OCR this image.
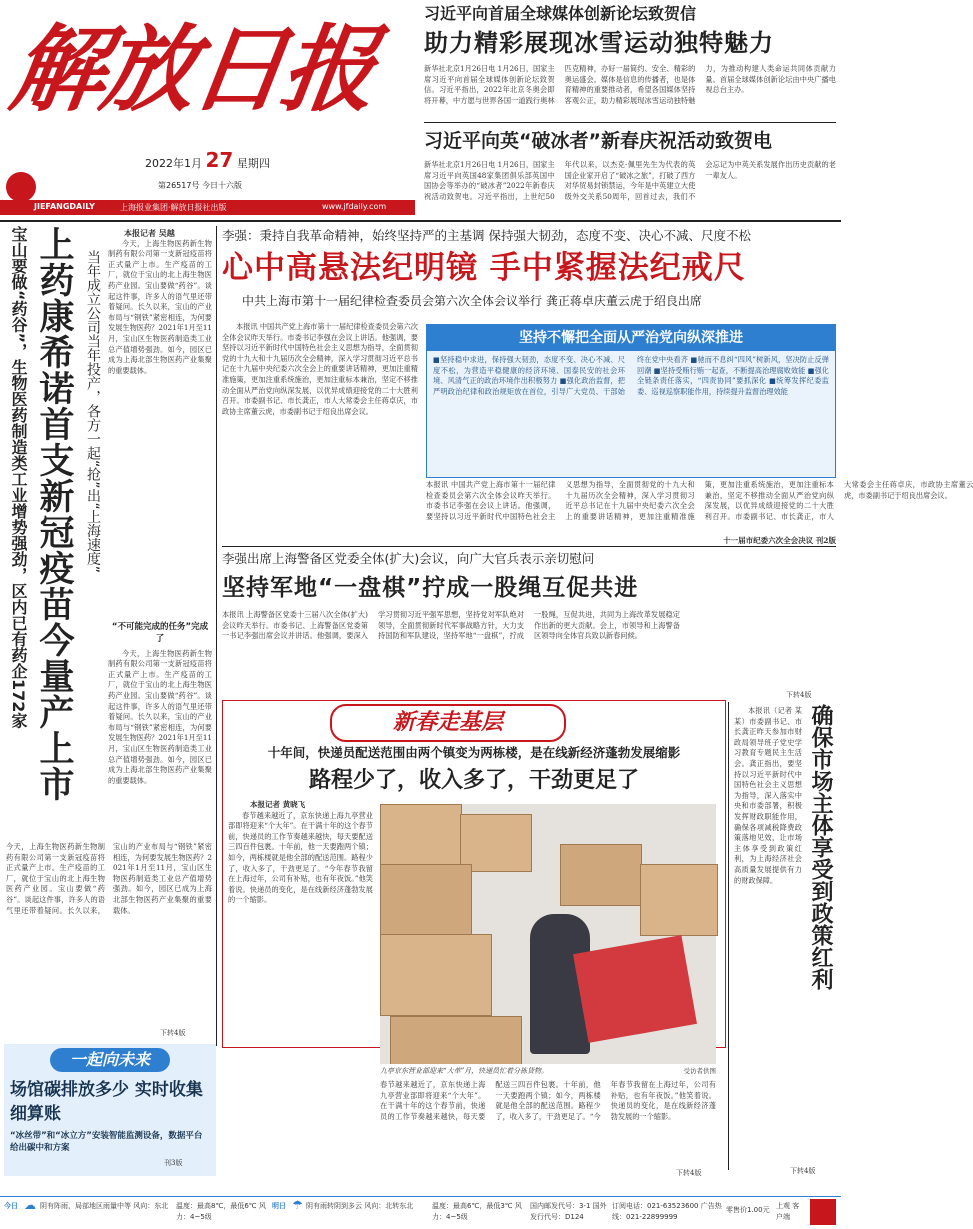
解放日报
2022年1月 27 星期四
第26517号 今日十六版
JIEFANGDAILY	上海报业集团·解放日报社出版	www.jfdaily.com
习近平向首届全球媒体创新论坛致贺信
助力精彩展现冰雪运动独特魅力
新华社北京1月26日电 1月26日，国家主席习近平向首届全球媒体创新论坛致贺信。习近平指出，2022年北京冬奥会即将开幕，中方愿与世界各国一道践行奥林匹克精神，办好一届简约、安全、精彩的奥运盛会。媒体是信息的传播者，也是体育精神的重要推动者，希望各国媒体坚持客观公正，助力精彩展现冰雪运动独特魅力，为推动构建人类命运共同体贡献力量。首届全球媒体创新论坛由中央广播电视总台主办。
习近平向英“破冰者”新春庆祝活动致贺电
新华社北京1月26日电 1月26日，国家主席习近平向英国48家集团俱乐部英国中国协会等举办的“破冰者”2022年新春庆祝活动致贺电。习近平指出，上世纪50年代以来，以杰克·佩里先生为代表的英国企业家开启了“破冰之旅”，打破了西方对华贸易封锁禁运，今年是中英建立大使级外交关系50周年，回首过去，我们不会忘记为中英关系发展作出历史贡献的老一辈友人。
宝山要做“药谷”，生物医药制造类工业增势强劲，区内已有药企172家 上药康希诺首支新冠疫苗今量产上市 当年成立公司当年投产，各方一起“抢”出“上海速度”
本报记者 吴越
今天，上海生物医药新生物制药有限公司第一支新冠疫苗将正式量产上市。生产疫苗的工厂，就位于宝山的北上海生物医药产业园。宝山要做“药谷”。谈起这件事，许多人的语气里还带着疑问。长久以来，宝山的产业布局与“钢铁”紧密相连，为何要发展生物医药？2021年1月至11月，宝山区生物医药制造类工业总产值增势强劲。如今，园区已成为上海北部生物医药产业集聚的重要载体。
“不可能完成的任务”完成了
今天，上海生物医药新生物制药有限公司第一支新冠疫苗将正式量产上市。生产疫苗的工厂，就位于宝山的北上海生物医药产业园。宝山要做“药谷”。谈起这件事，许多人的语气里还带着疑问。长久以来，宝山的产业布局与“钢铁”紧密相连，为何要发展生物医药？2021年1月至11月，宝山区生物医药制造类工业总产值增势强劲。如今，园区已成为上海北部生物医药产业集聚的重要载体。
今天，上海生物医药新生物制药有限公司第一支新冠疫苗将正式量产上市。生产疫苗的工厂，就位于宝山的北上海生物医药产业园。宝山要做“药谷”。谈起这件事，许多人的语气里还带着疑问。长久以来，宝山的产业布局与“钢铁”紧密相连，为何要发展生物医药？2021年1月至11月，宝山区生物医药制造类工业总产值增势强劲。如今，园区已成为上海北部生物医药产业集聚的重要载体。
下转4版
李强：秉持自我革命精神，始终坚持严的主基调 保持强大韧劲，态度不变、决心不减、尺度不松
心中高悬法纪明镜 手中紧握法纪戒尺
中共上海市第十一届纪律检查委员会第六次全体会议举行 龚正蒋卓庆董云虎于绍良出席
本报讯 中国共产党上海市第十一届纪律检查委员会第六次全体会议昨天举行。市委书记李强在会议上讲话。他强调，要坚持以习近平新时代中国特色社会主义思想为指导，全面贯彻党的十九大和十九届历次全会精神，深入学习贯彻习近平总书记在十九届中央纪委六次全会上的重要讲话精神，更加注重精准施策，更加注重系统施治，更加注重标本兼治，坚定不移推动全面从严治党向纵深发展，以优异成绩迎接党的二十大胜利召开。市委副书记、市长龚正，市人大常委会主任蒋卓庆，市政协主席董云虎，市委副书记于绍良出席会议。
坚持不懈把全面从严治党向纵深推进
■坚持稳中求进，保持强大韧劲，态度不变、决心不减、尺度不松，为营造平稳健康的经济环境、国泰民安的社会环境、风清气正的政治环境作出积极努力 ■强化政治监督，把严明政治纪律和政治规矩放在首位，引导广大党员、干部始终在党中央看齐 ■驰而不息纠“四风”树新风，坚决防止反弹回潮 ■坚持受贿行贿一起查，不断提高治理腐败效能 ■强化全链条责任落实，“四责协同”要抓深化 ■统筹发挥纪委监委、巡视巡察职能作用，持续提升监督治理效能
本报讯 中国共产党上海市第十一届纪律检查委员会第六次全体会议昨天举行。市委书记李强在会议上讲话。他强调，要坚持以习近平新时代中国特色社会主义思想为指导，全面贯彻党的十九大和十九届历次全会精神，深入学习贯彻习近平总书记在十九届中央纪委六次全会上的重要讲话精神，更加注重精准施策，更加注重系统施治，更加注重标本兼治，坚定不移推动全面从严治党向纵深发展，以优异成绩迎接党的二十大胜利召开。市委副书记、市长龚正，市人大常委会主任蒋卓庆，市政协主席董云虎，市委副书记于绍良出席会议。
十一届市纪委六次全会决议 刊2版
李强出席上海警备区党委全体(扩大)会议，向广大官兵表示亲切慰问
坚持军地“一盘棋”拧成一股绳互促共进
本报讯 上海警备区党委十三届八次全体(扩大)会议昨天举行。市委书记、上海警备区党委第一书记李强出席会议并讲话。他强调，要深入学习贯彻习近平强军思想，坚持党对军队绝对领导，全面贯彻新时代军事战略方针，大力支持国防和军队建设，坚持军地“一盘棋”，拧成一股绳，互促共进，共同为上海改革发展稳定作出新的更大贡献。会上，市领导和上海警备区领导向全体官兵致以新春问候。
下转4版
新春走基层
十年间，快递员配送范围由两个镇变为两栋楼，是在线新经济蓬勃发展缩影
路程少了，收入多了，干劲更足了
本报记者 黄晓飞
春节越来越近了，京东快递上海九亭营业部即将迎来“个大年”。在干满十年的这个春节前，快递员的工作节奏越来越快，每天要配送三四百件包裹。十年前，他一天要跑两个镇；如今，两栋楼就是他全部的配送范围。路程少了，收入多了，干劲更足了。“今年春节我留在上海过年，公司有补贴，也有年夜饭。”他笑着说。快递员的变化，是在线新经济蓬勃发展的一个缩影。
九亭京东营业部迎来“大单”月，快递员忙着分拣货物。	受访者供图
春节越来越近了，京东快递上海九亭营业部即将迎来“个大年”。在干满十年的这个春节前，快递员的工作节奏越来越快，每天要配送三四百件包裹。十年前，他一天要跑两个镇；如今，两栋楼就是他全部的配送范围。路程少了，收入多了，干劲更足了。“今年春节我留在上海过年，公司有补贴，也有年夜饭。”他笑着说。快递员的变化，是在线新经济蓬勃发展的一个缩影。
下转4版
本报讯（记者 某某）市委副书记、市长龚正昨天参加市财政局领导班子党史学习教育专题民主生活会。龚正指出，要坚持以习近平新时代中国特色社会主义思想为指导，深入落实中央和市委部署，积极发挥财政职能作用，确保各项减税降费政策落地见效，让市场主体享受到政策红利，为上海经济社会高质量发展提供有力的财政保障。	确保市场主体享受到政策红利
下转4版
一起向未来
场馆碳排放多少 实时收集细算账
“冰丝带”和“冰立方”安装智能监测设备，数据平台给出碳中和方案
刊3版
今日 ☁ 阴有阵雨，局部地区雨量中等 风向：东北 温度：最高8℃，最低6℃ 风力：4~5级
明日 ☂ 阴有雨转阴到多云 风向：北转东北	温度：最高6℃，最低3℃ 风力：4~5级
国内邮发代号：3-1 国外发行代号：D124
订阅电话：021-63523600 广告热线：021-22899999
零售价1.00元 上观 客户端
